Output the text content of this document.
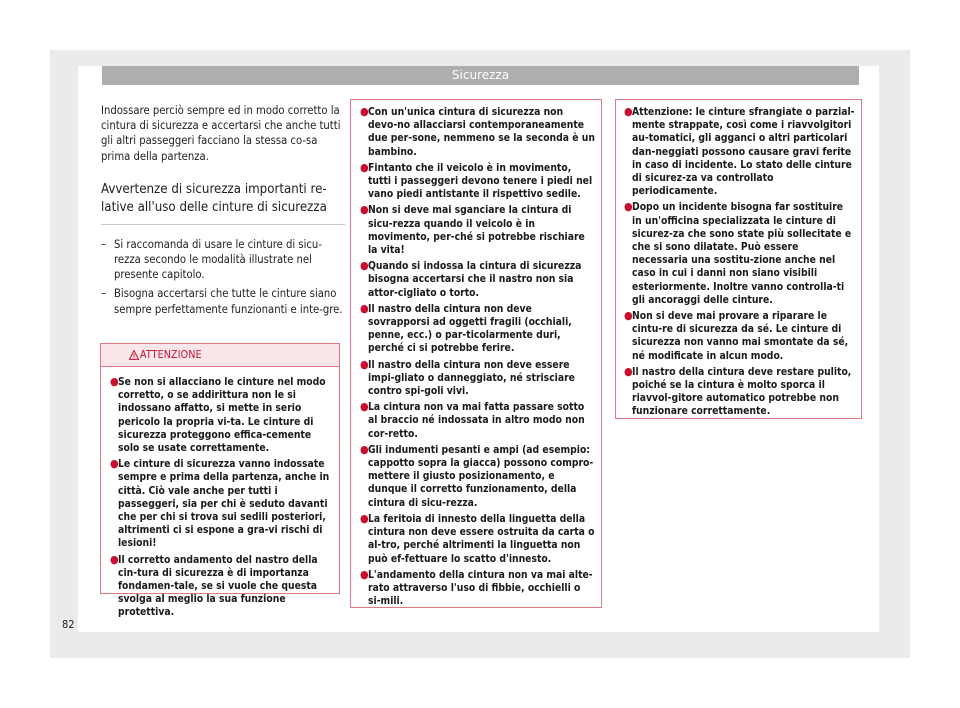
Sicurezza

Indossare perciò sempre ed in modo corretto la cintura di sicurezza e accertarsi che anche tutti gli altri passeggeri facciano la stessa co-sa prima della partenza.

Avvertenze di sicurezza importanti re-lative all'uso delle cinture di sicurezza
– Si raccomanda di usare le cinture di sicu-rezza secondo le modalità illustrate nel presente capitolo.
– Bisogna accertarsi che tutte le cinture siano sempre perfettamente funzionanti e inte-gre.
ATTENZIONE
● Se non si allacciano le cinture nel modo corretto, o se addirittura non le si indossano affatto, si mette in serio pericolo la propria vi-ta. Le cinture di sicurezza proteggono effica-cemente solo se usate correttamente.
● Le cinture di sicurezza vanno indossate sempre e prima della partenza, anche in città. Ciò vale anche per tutti i passeggeri, sia per chi è seduto davanti che per chi si trova sui sedili posteriori, altrimenti ci si espone a gra-vi rischi di lesioni!
● Il corretto andamento del nastro della cin-tura di sicurezza è di importanza fondamen-tale, se si vuole che questa svolga al meglio la sua funzione protettiva.
● Con un'unica cintura di sicurezza non devo-no allacciarsi contemporaneamente due per-sone, nemmeno se la seconda è un bambino.
● Fintanto che il veicolo è in movimento, tutti i passeggeri devono tenere i piedi nel vano piedi antistante il rispettivo sedile.
● Non si deve mai sganciare la cintura di sicu-rezza quando il veicolo è in movimento, per-ché si potrebbe rischiare la vita!
● Quando si indossa la cintura di sicurezza bisogna accertarsi che il nastro non sia attor-cigliato o torto.
● Il nastro della cintura non deve sovrapporsi ad oggetti fragili (occhiali, penne, ecc.) o par-ticolarmente duri, perché ci si potrebbe ferire.
● Il nastro della cintura non deve essere impi-gliato o danneggiato, né strisciare contro spi-goli vivi.
● La cintura non va mai fatta passare sotto al braccio né indossata in altro modo non cor-retto.
● Gli indumenti pesanti e ampi (ad esempio: cappotto sopra la giacca) possono compro-mettere il giusto posizionamento, e dunque il corretto funzionamento, della cintura di sicu-rezza.
● La feritoia di innesto della linguetta della cintura non deve essere ostruita da carta o al-tro, perché altrimenti la linguetta non può ef-fettuare lo scatto d'innesto.
● L'andamento della cintura non va mai alte-rato attraverso l'uso di fibbie, occhielli o si-mili.
● Attenzione: le cinture sfrangiate o parzial-mente strappate, così come i riavvolgitori au-tomatici, gli agganci o altri particolari dan-neggiati possono causare gravi ferite in caso di incidente. Lo stato delle cinture di sicurez-za va controllato periodicamente.
● Dopo un incidente bisogna far sostituire in un'officina specializzata le cinture di sicurez-za che sono state più sollecitate e che si sono dilatate. Può essere necessaria una sostitu-zione anche nel caso in cui i danni non siano visibili esteriormente. Inoltre vanno controlla-ti gli ancoraggi delle cinture.
● Non si deve mai provare a riparare le cintu-re di sicurezza da sé. Le cinture di sicurezza non vanno mai smontate da sé, né modificate in alcun modo.
● Il nastro della cintura deve restare pulito, poiché se la cintura è molto sporca il riavvol-gitore automatico potrebbe non funzionare correttamente.
82
